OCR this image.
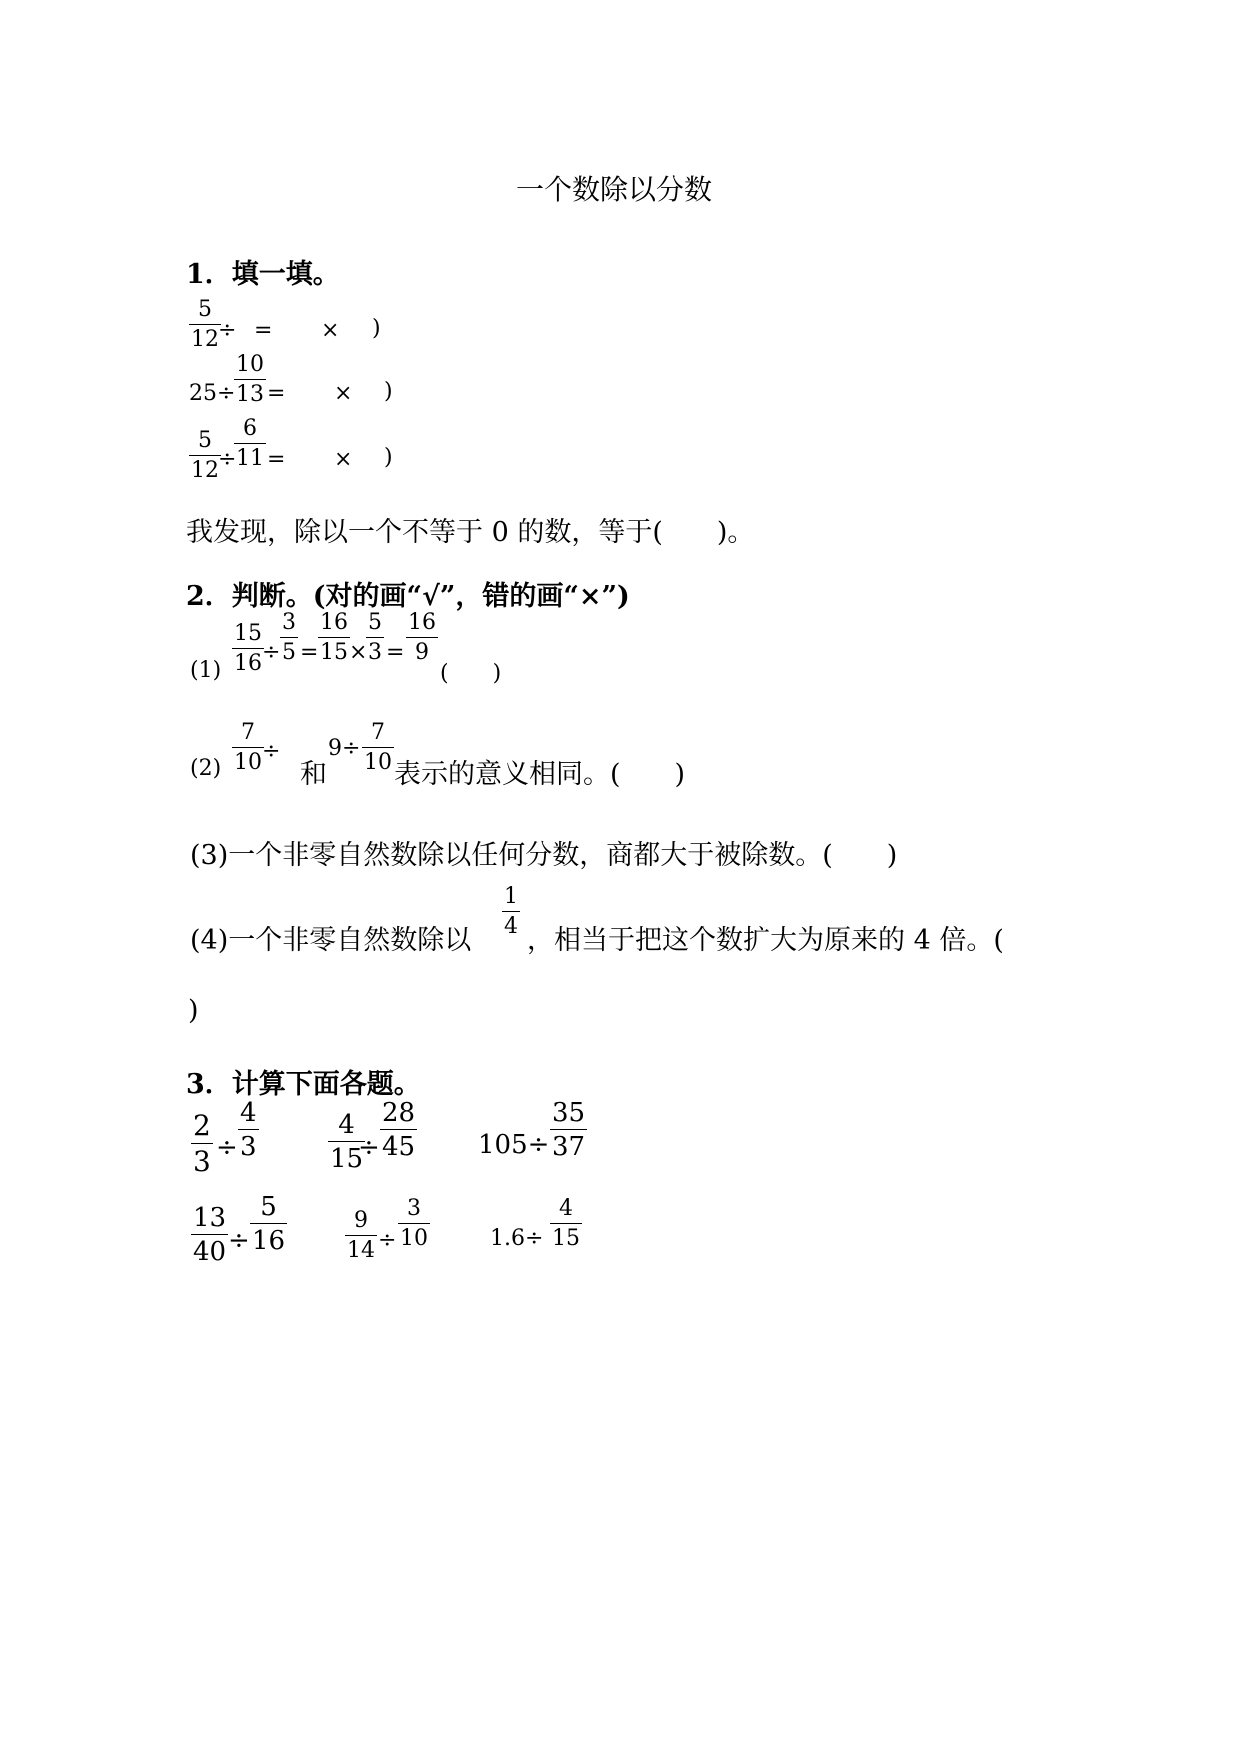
一个数除以分数
1．填一填。
5
12 ÷ = × )
25÷
10
13 = × )
5
12 ÷
6
11 = × )
我发现，除以一个不等于 0 的数，等于(　　)。
2．判断。(对的画“√”，错的画“×”)
(1)
15
16 ÷
3
5 =
16
15 ×
5
3 =
16
9
(　　)
(2)
7
10 ÷
和
9÷
7
10 表示的意义相同。(　　)
(3)一个非零自然数除以任何分数，商都大于被除数。(　　)
(4)一个非零自然数除以
1
4 ，相当于把这个数扩大为原来的 4 倍。(
)
3．计算下面各题。
2
3 ÷
4
3
4
15
÷
28
45 105÷
35
37
13
40 ÷
5
16
9
14 ÷
3
10	1.6÷
4
15
